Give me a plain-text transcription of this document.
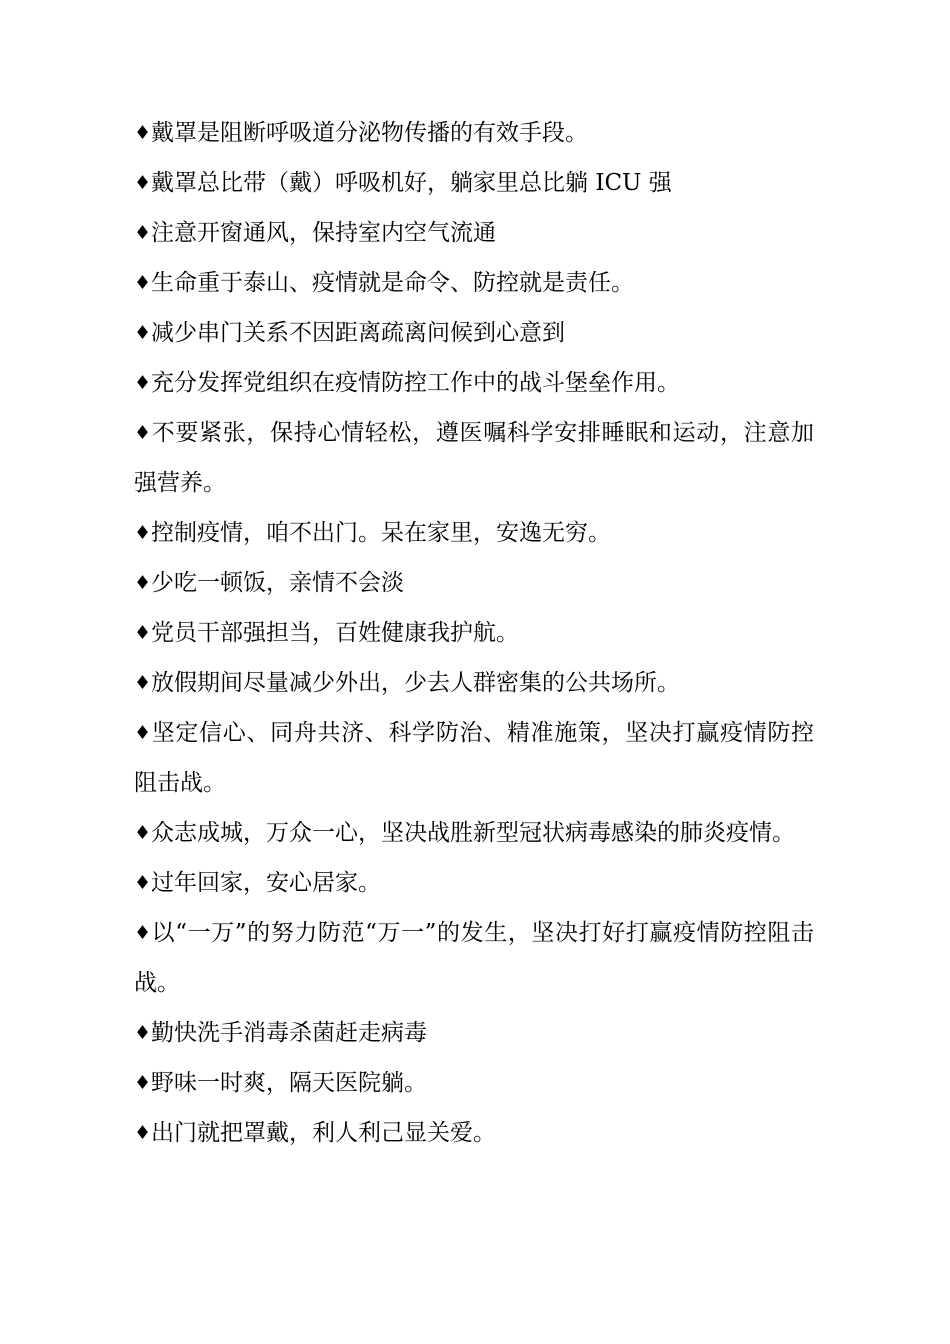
♦戴罩是阻断呼吸道分泌物传播的有效手段。

♦戴罩总比带（戴）呼吸机好，躺家里总比躺 ICU 强

♦注意开窗通风，保持室内空气流通

♦生命重于泰山、疫情就是命令、防控就是责任。

♦减少串门关系不因距离疏离问候到心意到

♦充分发挥党组织在疫情防控工作中的战斗堡垒作用。

♦不要紧张，保持心情轻松，遵医嘱科学安排睡眠和运动，注意加强营养。

♦控制疫情，咱不出门。呆在家里，安逸无穷。

♦少吃一顿饭，亲情不会淡

♦党员干部强担当，百姓健康我护航。

♦放假期间尽量减少外出，少去人群密集的公共场所。

♦坚定信心、同舟共济、科学防治、精准施策，坚决打赢疫情防控阻击战。

♦众志成城，万众一心，坚决战胜新型冠状病毒感染的肺炎疫情。

♦过年回家，安心居家。

♦以“一万”的努力防范“万一”的发生，坚决打好打赢疫情防控阻击战。

♦勤快洗手消毒杀菌赶走病毒

♦野味一时爽，隔天医院躺。

♦出门就把罩戴，利人利己显关爱。
